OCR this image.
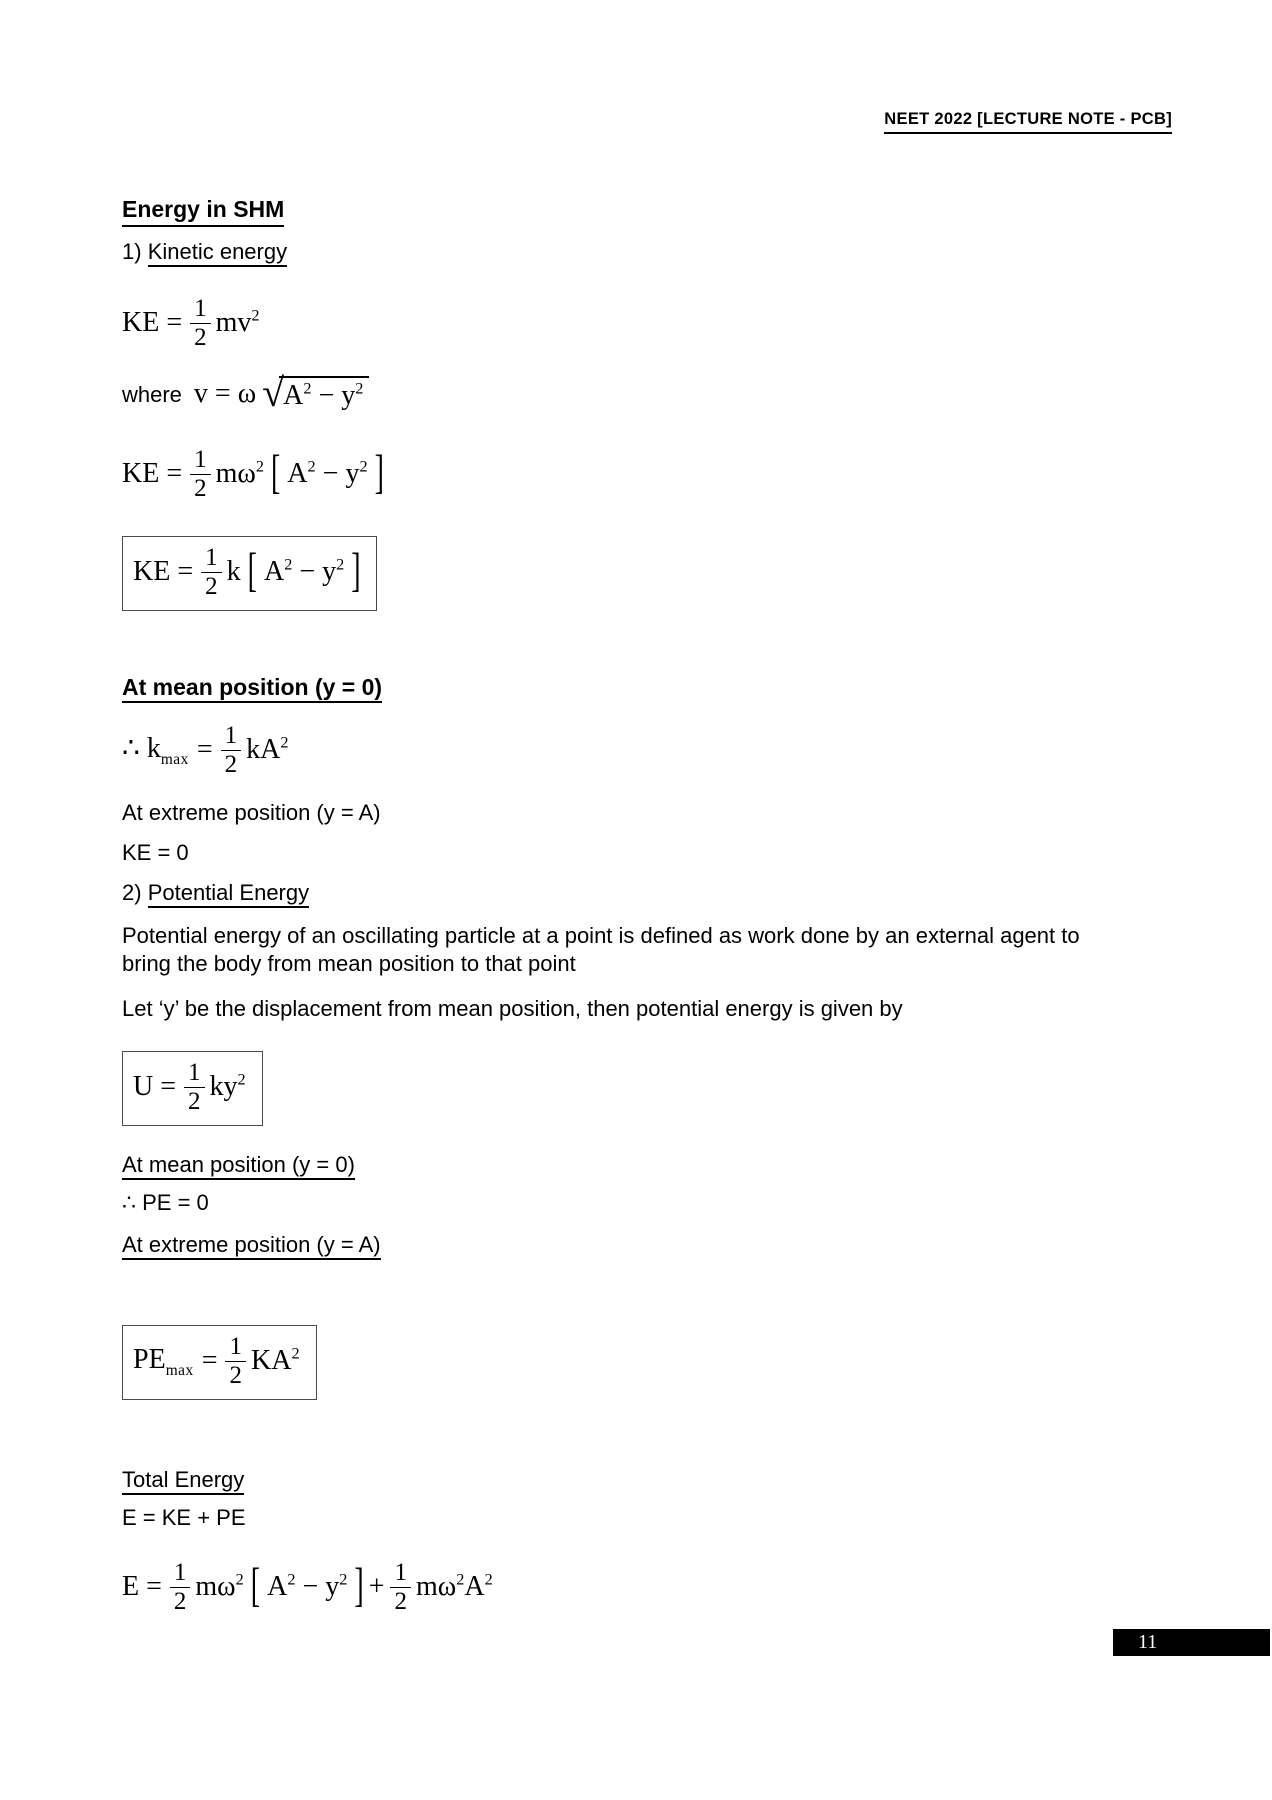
NEET 2022 [LECTURE NOTE - PCB]
Energy in SHM
1) Kinetic energy
KE = $\frac{1}{2} mv^2$
where v = ω √ $A^2 - y^2$
KE = $\frac{1}{2} m\omega^2$ [ $A^2 - y^2$ ]
KE = $\frac{1}{2}$ k [ $A^2 - y^2$ ]
At mean position (y = 0)
∴ $k_{max} = \frac{1}{2} kA^2$
At extreme position (y = A)
KE = 0
2) Potential Energy
Potential energy of an oscillating particle at a point is defined as work done by an external agent to
bring the body from mean position to that point
Let ‘y’ be the displacement from mean position, then potential energy is given by
$U = \frac{1}{2} ky^2$
At mean position (y = 0)
∴ PE = 0
At extreme position (y = A)
$PE_{max} = \frac{1}{2} KA^2$
Total Energy
E = KE + PE
$E = \frac{1}{2} m\omega^2$ [ $A^2 - y^2$ ] + $\frac{1}{2} m\omega^2A^2$
11
